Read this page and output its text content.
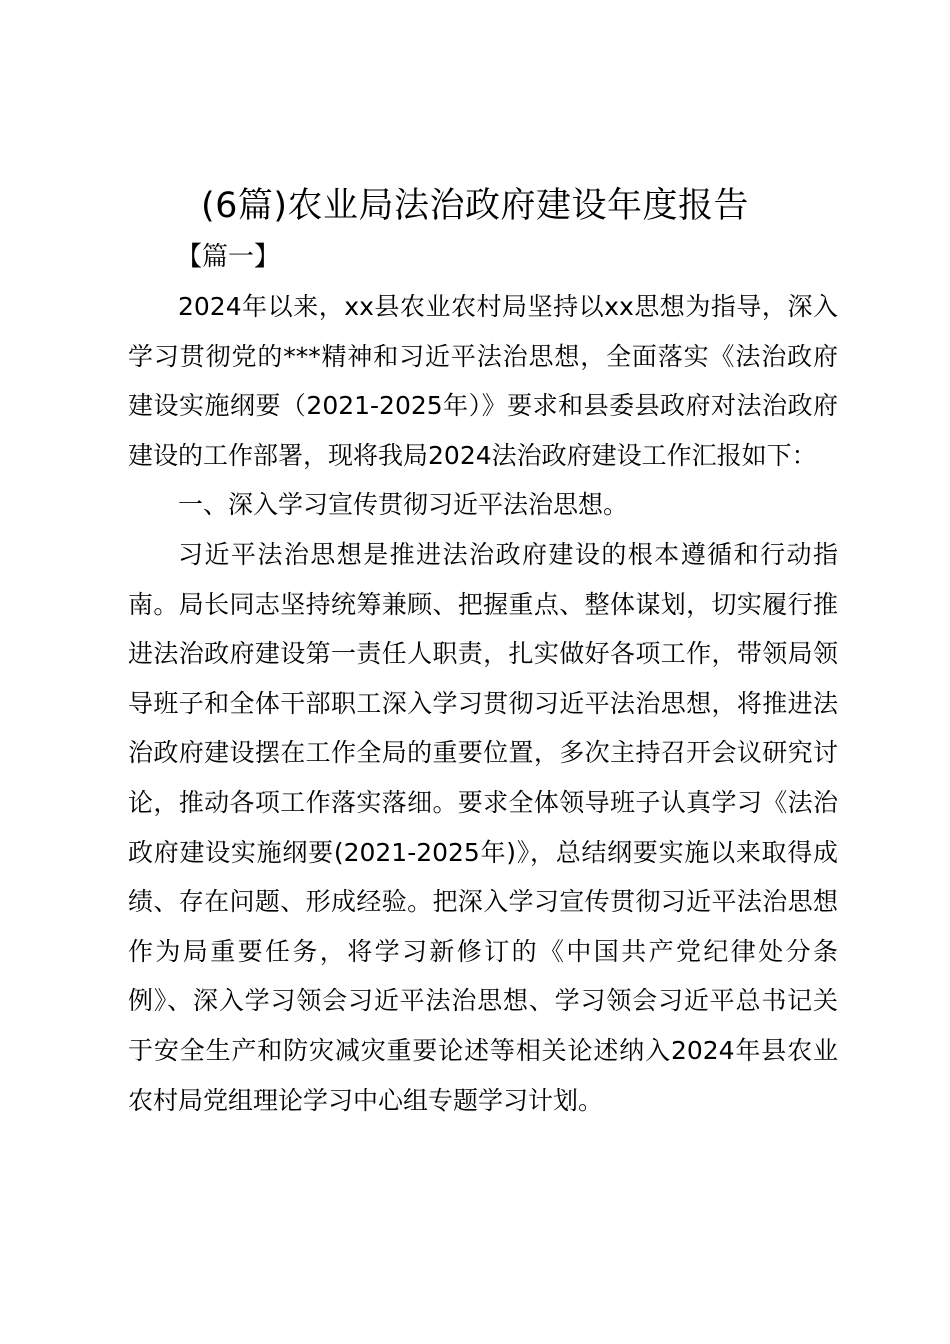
(6篇)农业局法治政府建设年度报告
【篇一】

2024年以来，xx县农业农村局坚持以xx思想为指导，深入学习贯彻党的***精神和习近平法治思想，全面落实《法治政府建设实施纲要（2021-2025年）》要求和县委县政府对法治政府建设的工作部署，现将我局2024法治政府建设工作汇报如下：

一、深入学习宣传贯彻习近平法治思想。

习近平法治思想是推进法治政府建设的根本遵循和行动指南。局长同志坚持统筹兼顾、把握重点、整体谋划，切实履行推进法治政府建设第一责任人职责，扎实做好各项工作，带领局领导班子和全体干部职工深入学习贯彻习近平法治思想，将推进法治政府建设摆在工作全局的重要位置，多次主持召开会议研究讨论，推动各项工作落实落细。要求全体领导班子认真学习《法治政府建设实施纲要(2021-2025年)》，总结纲要实施以来取得成绩、存在问题、形成经验。把深入学习宣传贯彻习近平法治思想作为局重要任务，将学习新修订的《中国共产党纪律处分条例》、深入学习领会习近平法治思想、学习领会习近平总书记关于安全生产和防灾减灾重要论述等相关论述纳入2024年县农业农村局党组理论学习中心组专题学习计划。
